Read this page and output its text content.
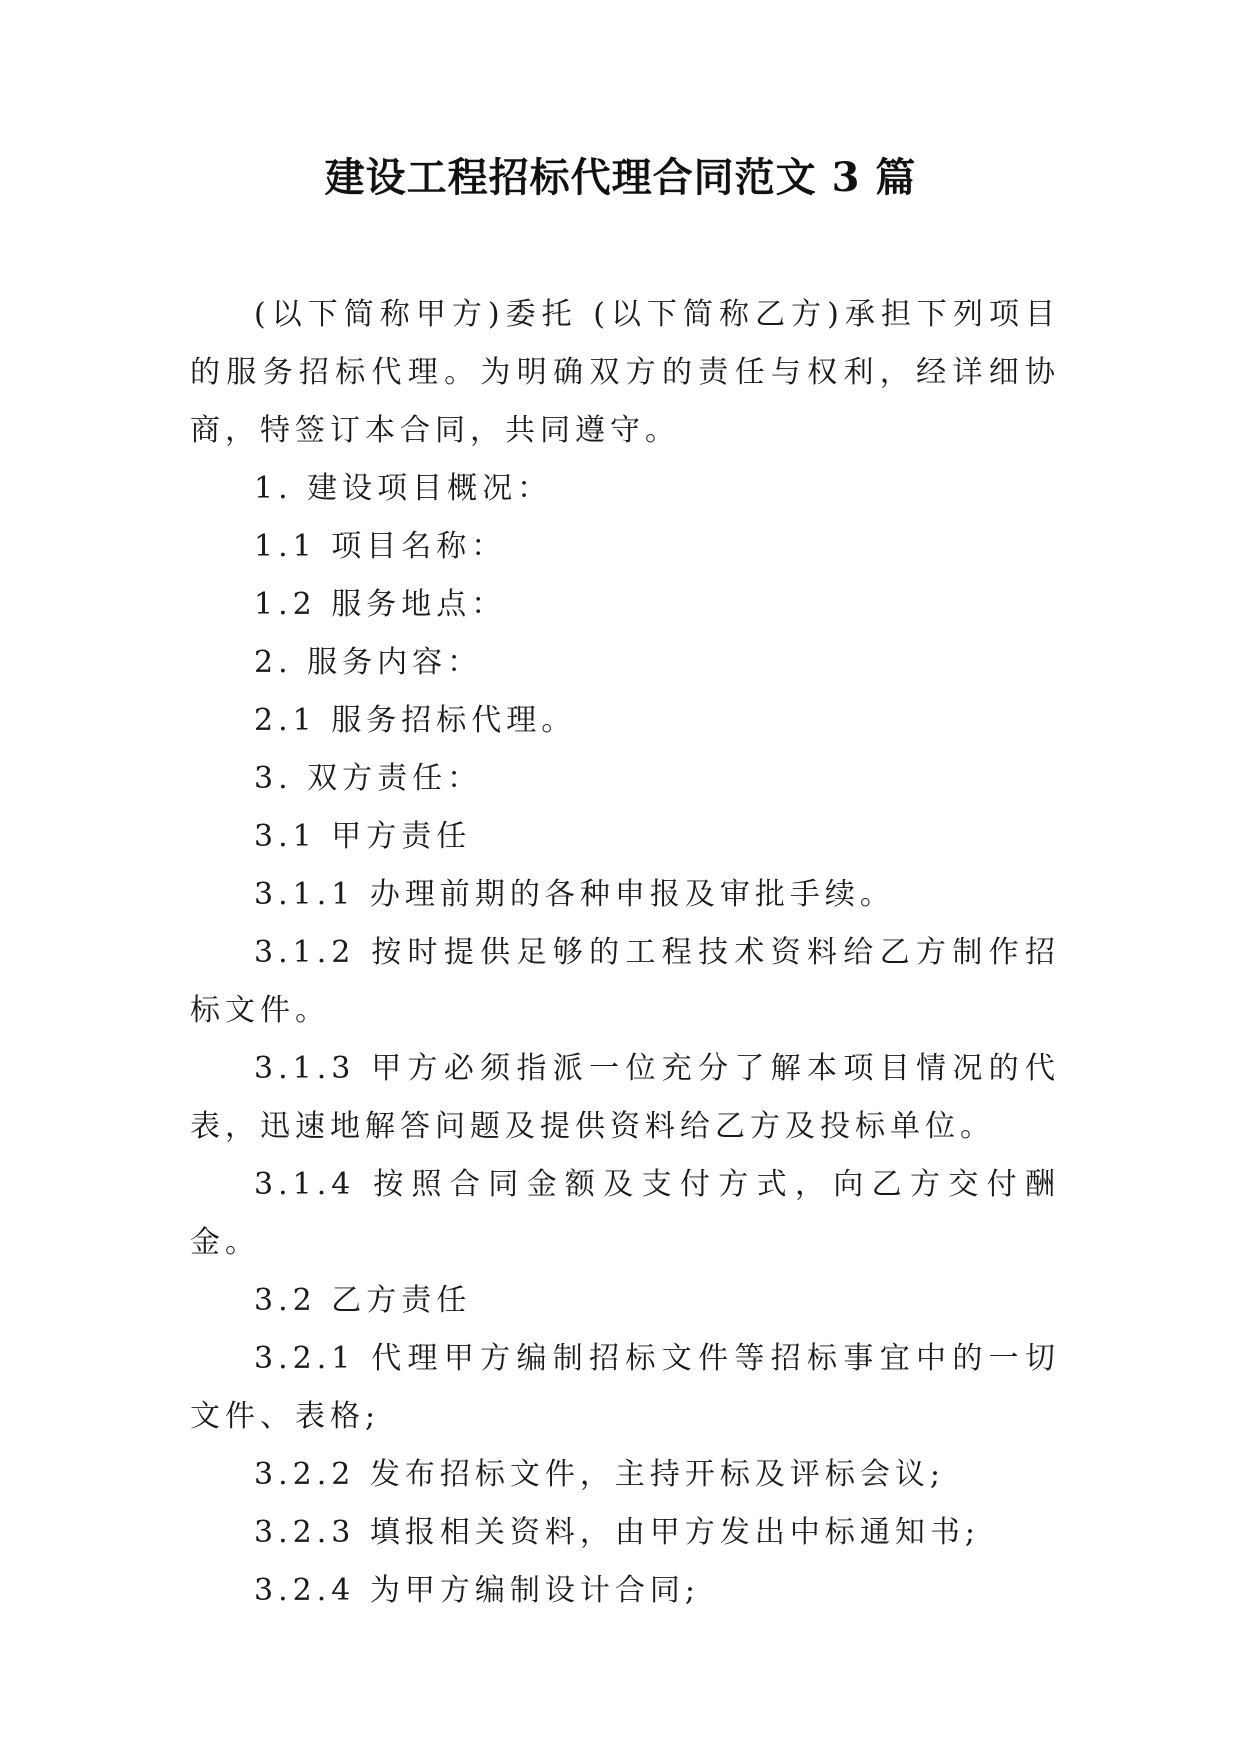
建设工程招标代理合同范文 3 篇

(以下简称甲方)委托 (以下简称乙方)承担下列项目的服务招标代理。为明确双方的责任与权利，经详细协商，特签订本合同，共同遵守。

1. 建设项目概况：

1.1 项目名称：

1.2 服务地点：

2. 服务内容：

2.1 服务招标代理。

3. 双方责任：

3.1 甲方责任

3.1.1 办理前期的各种申报及审批手续。

3.1.2 按时提供足够的工程技术资料给乙方制作招标文件。

3.1.3 甲方必须指派一位充分了解本项目情况的代表，迅速地解答问题及提供资料给乙方及投标单位。

3.1.4 按照合同金额及支付方式，向乙方交付酬金。

3.2 乙方责任

3.2.1 代理甲方编制招标文件等招标事宜中的一切文件、表格;

3.2.2 发布招标文件，主持开标及评标会议;

3.2.3 填报相关资料，由甲方发出中标通知书;

3.2.4 为甲方编制设计合同;
